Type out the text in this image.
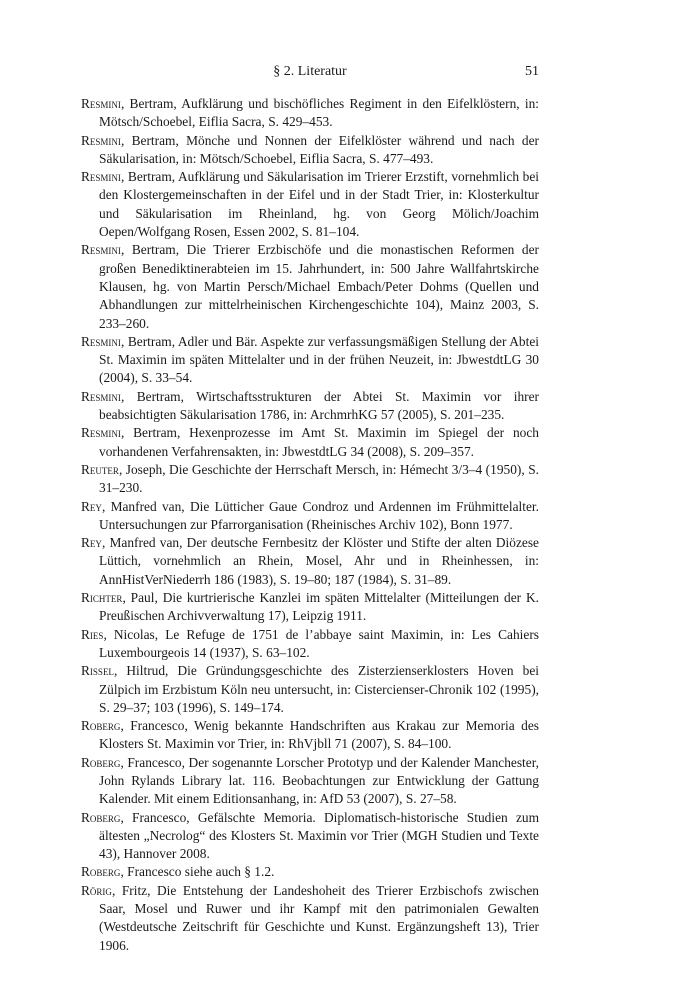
§ 2. Literatur	51

Resmini, Bertram, Aufklärung und bischöfliches Regiment in den Eifelklöstern, in: Mötsch/Schoebel, Eiflia Sacra, S. 429–453.

Resmini, Bertram, Mönche und Nonnen der Eifelklöster während und nach der Säkularisation, in: Mötsch/Schoebel, Eiflia Sacra, S. 477–493.

Resmini, Bertram, Aufklärung und Säkularisation im Trierer Erzstift, vornehmlich bei den Klostergemeinschaften in der Eifel und in der Stadt Trier, in: Klosterkultur und Säkularisation im Rheinland, hg. von Georg Mölich/Joachim Oepen/Wolfgang Rosen, Essen 2002, S. 81–104.

Resmini, Bertram, Die Trierer Erzbischöfe und die monastischen Reformen der großen Benediktinerabteien im 15. Jahrhundert, in: 500 Jahre Wallfahrtskirche Klausen, hg. von Martin Persch/Michael Embach/Peter Dohms (Quellen und Abhandlungen zur mittelrheinischen Kirchengeschichte 104), Mainz 2003, S. 233–260.

Resmini, Bertram, Adler und Bär. Aspekte zur verfassungsmäßigen Stellung der Abtei St. Maximin im späten Mittelalter und in der frühen Neuzeit, in: JbwestdtLG 30 (2004), S. 33–54.

Resmini, Bertram, Wirtschaftsstrukturen der Abtei St. Maximin vor ihrer beabsichtigten Säkularisation 1786, in: ArchmrhKG 57 (2005), S. 201–235.

Resmini, Bertram, Hexenprozesse im Amt St. Maximin im Spiegel der noch vorhandenen Verfahrensakten, in: JbwestdtLG 34 (2008), S. 209–357.

Reuter, Joseph, Die Geschichte der Herrschaft Mersch, in: Hémecht 3/3–4 (1950), S. 31–230.

Rey, Manfred van, Die Lütticher Gaue Condroz und Ardennen im Frühmittelalter. Untersuchungen zur Pfarrorganisation (Rheinisches Archiv 102), Bonn 1977.

Rey, Manfred van, Der deutsche Fernbesitz der Klöster und Stifte der alten Diözese Lüttich, vornehmlich an Rhein, Mosel, Ahr und in Rheinhessen, in: AnnHistVerNiederrh 186 (1983), S. 19–80; 187 (1984), S. 31–89.

Richter, Paul, Die kurtrierische Kanzlei im späten Mittelalter (Mitteilungen der K. Preußischen Archivverwaltung 17), Leipzig 1911.

Ries, Nicolas, Le Refuge de 1751 de l’abbaye saint Maximin, in: Les Cahiers Luxembourgeois 14 (1937), S. 63–102.

Rissel, Hiltrud, Die Gründungsgeschichte des Zisterzienserklosters Hoven bei Zülpich im Erzbistum Köln neu untersucht, in: Cistercienser-Chronik 102 (1995), S. 29–37; 103 (1996), S. 149–174.

Roberg, Francesco, Wenig bekannte Handschriften aus Krakau zur Memoria des Klosters St. Maximin vor Trier, in: RhVjbll 71 (2007), S. 84–100.

Roberg, Francesco, Der sogenannte Lorscher Prototyp und der Kalender Manchester, John Rylands Library lat. 116. Beobachtungen zur Entwicklung der Gattung Kalender. Mit einem Editionsanhang, in: AfD 53 (2007), S. 27–58.

Roberg, Francesco, Gefälschte Memoria. Diplomatisch-historische Studien zum ältesten „Necrolog“ des Klosters St. Maximin vor Trier (MGH Studien und Texte 43), Hannover 2008.

Roberg, Francesco siehe auch § 1.2.

Rörig, Fritz, Die Entstehung der Landeshoheit des Trierer Erzbischofs zwischen Saar, Mosel und Ruwer und ihr Kampf mit den patrimonialen Gewalten (Westdeutsche Zeitschrift für Geschichte und Kunst. Ergänzungsheft 13), Trier 1906.
